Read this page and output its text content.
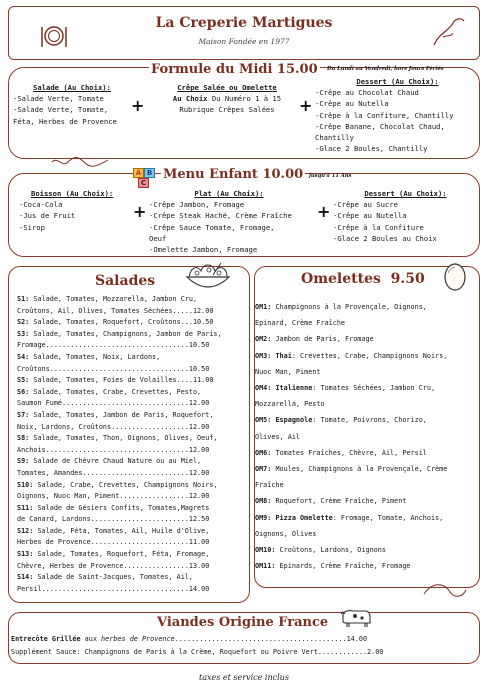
La Creperie Martigues
Maison Fondée en 1977
Formule du Midi 15.00	Du Lundi au Vendredi, hors Jours Fériés
Salade (Au Choix):
-Salade Verte, Tomate
-Salade Verte, Tomate,
Féta, Herbes de Provence
+
Crêpe Salée ou Omelette
Au Choix Du Numéro 1 à 15
Rubrique Crêpes Salées	+
Dessert (Au Choix):
-Crêpe au Chocolat Chaud
-Crêpe au Nutella
-Crêpe à la Confiture, Chantilly
-Crêpe Banane, Chocolat Chaud,
Chantilly
-Glace 2 Boules, Chantilly
A B
C
Menu Enfant 10.00	jusqu'à 11 Ans
Boisson (Au Choix):
-Coca-Cola
-Jus de Fruit
-Sirop
+
Plat (Au Choix):
-Crêpe Jambon, Fromage
-Crêpe Steak Haché, Crème Fraîche
-Crêpe Sauce Tomate, Fromage,
Oeuf
-Omelette Jambon, Fromage
+
Dessert (Au Choix):
-Crêpe au Sucre
-Crêpe au Nutella
-Crêpe à la Confiture
-Glace 2 Boules au Choix
Salades
S1: Salade, Tomates, Mozzarella, Jambon Cru,
Croûtons, Ail, Olives, Tomates Séchées.....12.00
S2: Salade, Tomates, Roquefort, Croûtons...10.50
S3: Salade, Tomates, Champignons, Jambon de Paris,
Fromage...................................10.50
S4: Salade, Tomates, Noix, Lardons,
Croûtons..................................10.50
S5: Salade, Tomates, Foies de Volailles....11.00
S6: Salade, Tomates, Crabe, Crevettes, Pesto,
Saumon Fumé...............................12.00
S7: Salade, Tomates, Jambon de Paris, Roquefort,
Noix, Lardons, Croûtons...................12.00
S8: Salade, Tomates, Thon, Oignons, Olives, Oeuf,
Anchois...................................12.00
S9: Salade de Chèvre Chaud Nature ou au Miel,
Tomates, Amandes..........................12.00
S10: Salade, Crabe, Crevettes, Champignons Noirs,
Oignons, Nuoc Man, Piment.................12.00
S11: Salade de Gésiers Confits, Tomates,Magrets
de Canard, Lardons........................12.50
S12: Salade, Féta, Tomates, Ail, Huile d'Olive,
Herbes de Provence........................11.00
S13: Salade, Tomates, Roquefort, Féta, Fromage,
Chèvre, Herbes de Provence................13.00
S14: Salade de Saint-Jacques, Tomates, Ail,
Persil....................................14.00
Omelettes  9.50
OM1: Champignons à la Provençale, Oignons,
Epinard, Crème Fraîche
OM2: Jambon de Paris, Fromage
OM3: Thaï: Crevettes, Crabe, Champignons Noirs,
Nuoc Man, Piment
OM4: Italienne: Tomates Séchées, Jambon Cru,
Mozzarella, Pesto
OM5: Espagnole: Tomate, Poivrons, Chorizo,
Olives, Ail
OM6: Tomates Fraîches, Chèvre, Ail, Persil
OM7: Moules, Champignons à la Provençale, Crème
Fraîche
OM8: Roquefort, Crème Fraîche, Piment
OM9: Pizza Omelette: Fromage, Tomate, Anchois,
Oignons, Olives
OM10: Croûtons, Lardons, Oignons
OM11: Epinards, Crème Fraîche, Fromage
Viandes Origine France
Entrecôte Grillée aux herbes de Provence..........................................14.00
Supplément Sauce: Champignons de Paris à la Crème, Roquefort ou Poivre Vert............2.00
taxes et service inclus
